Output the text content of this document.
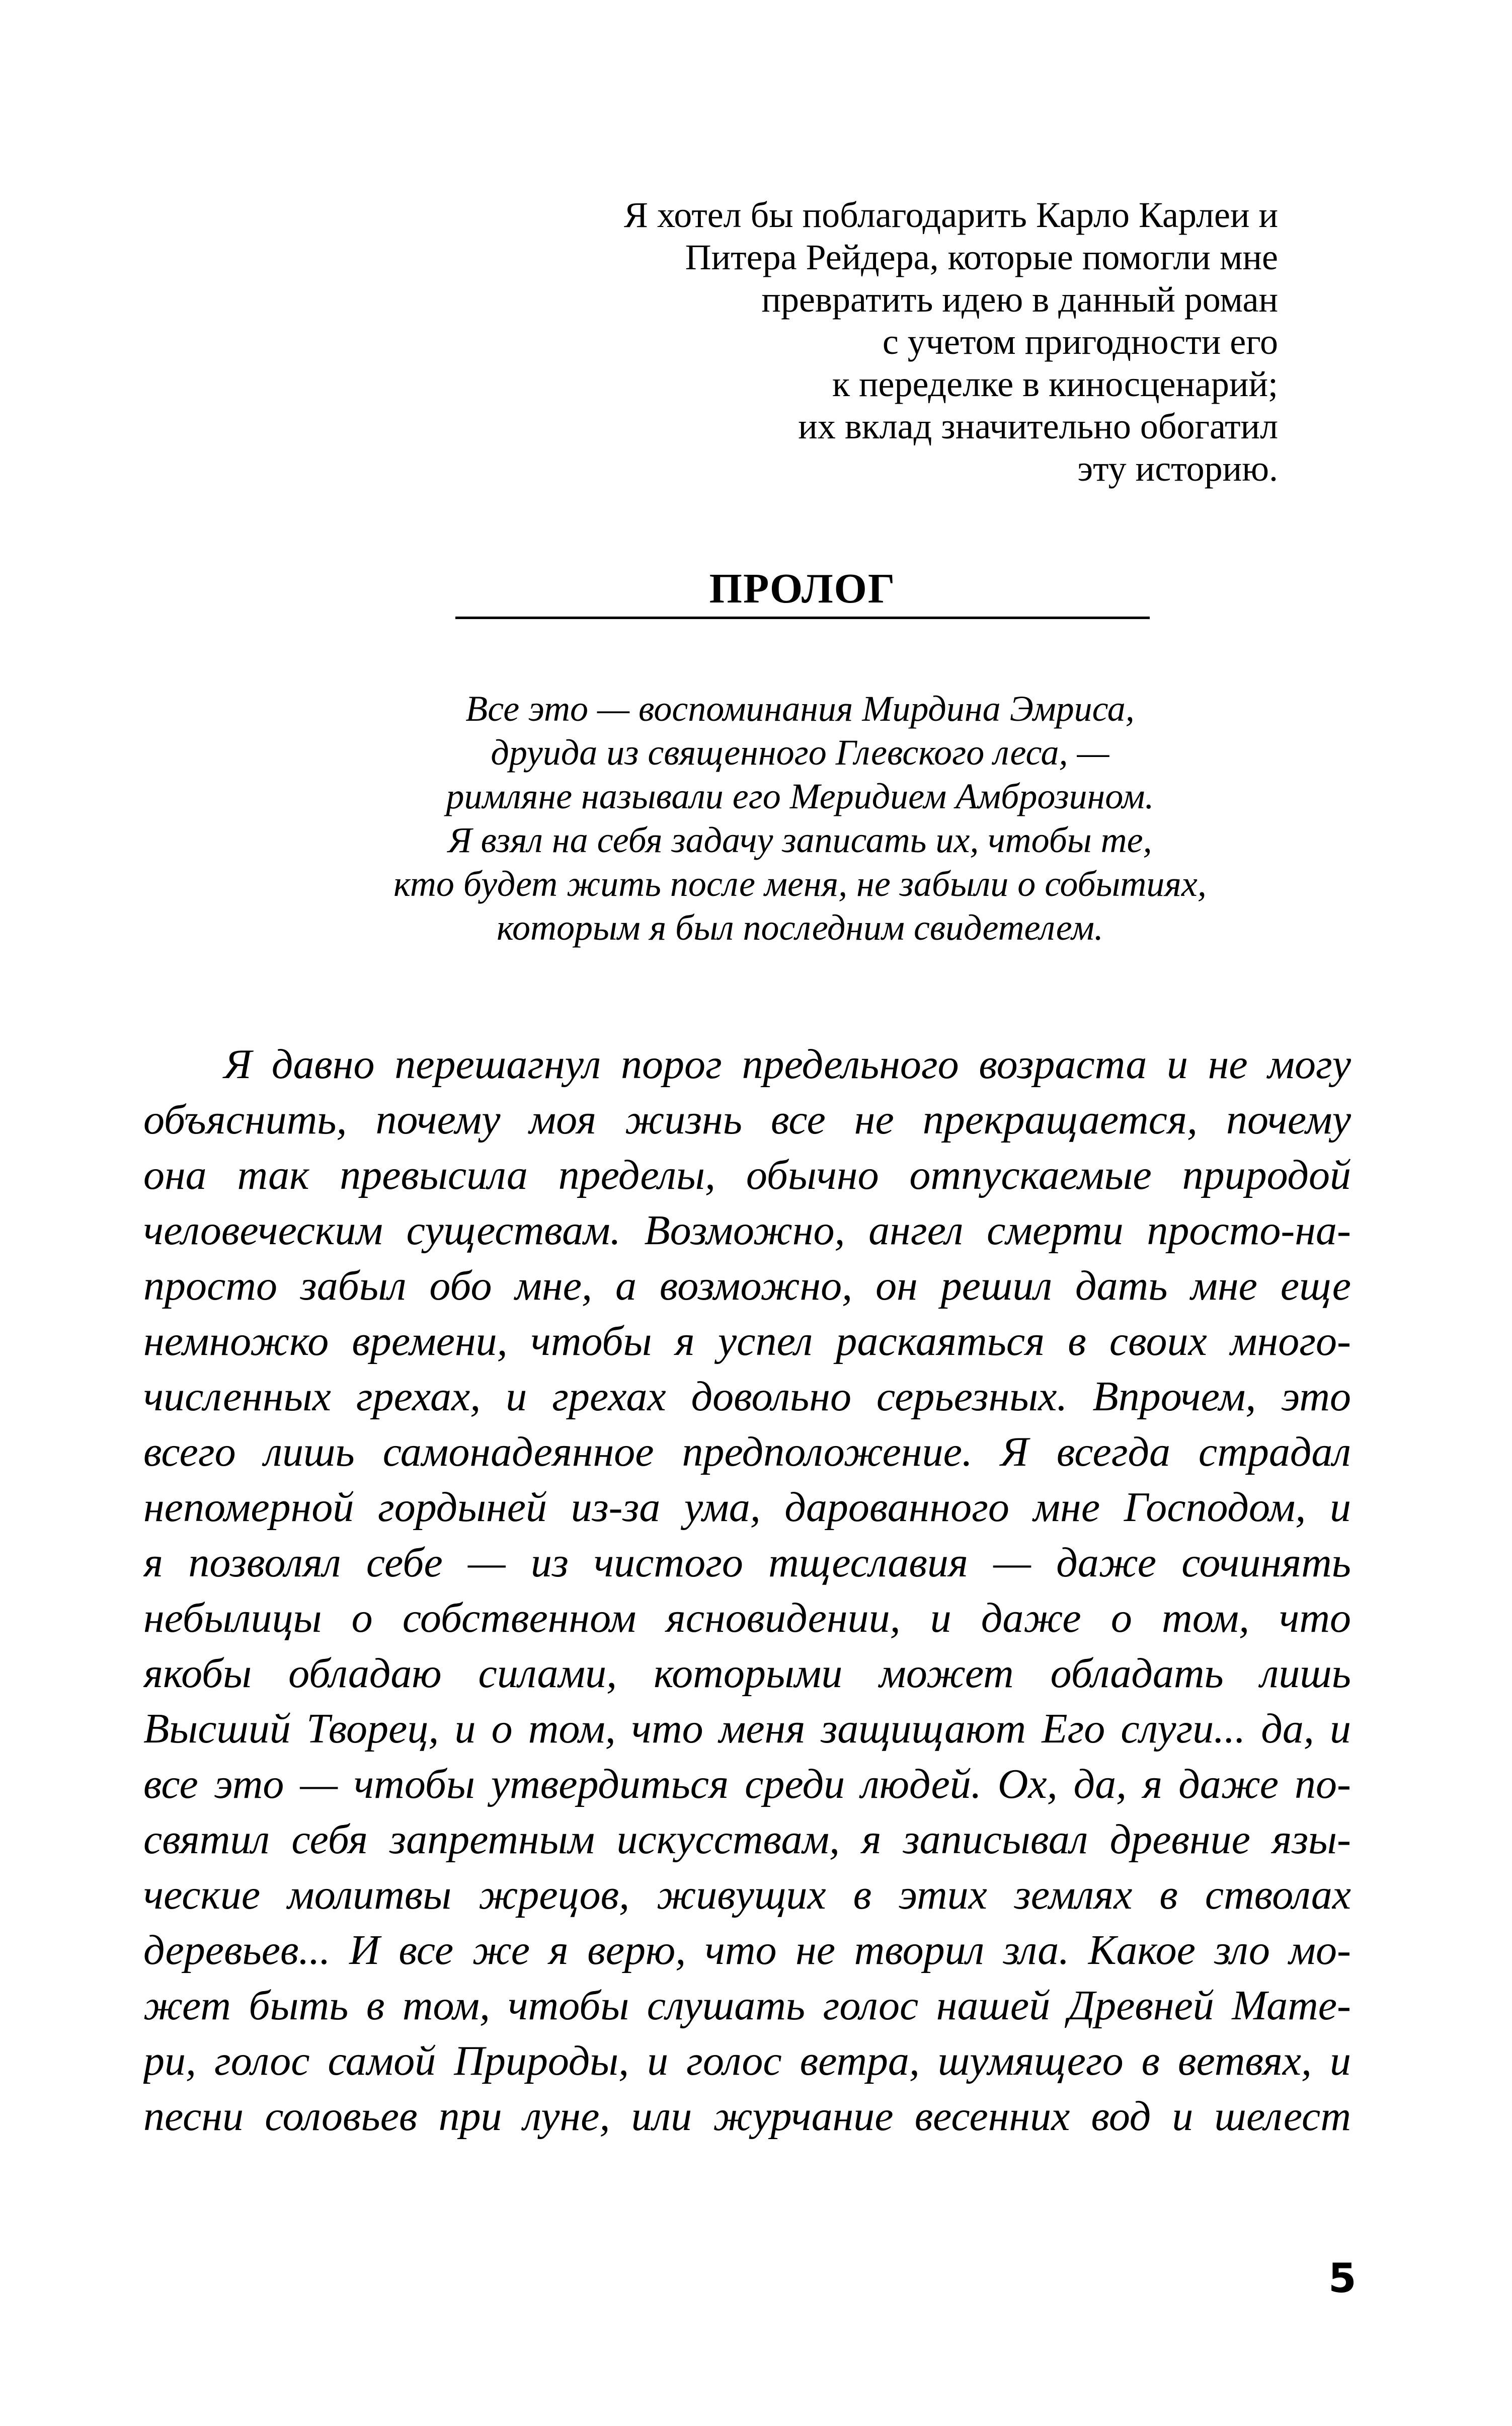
Я хотел бы поблагодарить Карло Карлеи и
Питера Рейдера, которые помогли мне
превратить идею в данный роман
с учетом пригодности его
к переделке в киносценарий;
их вклад значительно обогатил
эту историю.
ПРОЛОГ
Все это — воспоминания Мирдина Эмриса,
друида из священного Глевского леса, —
римляне называли его Меридием Амброзином.
Я взял на себя задачу записать их, чтобы те,
кто будет жить после меня, не забыли о событиях,
которым я был последним свидетелем.
Я давно перешагнул порог предельного возраста и не могу
объяснить, почему моя жизнь все не прекращается, почему
она так превысила пределы, обычно отпускаемые природой
человеческим существам. Возможно, ангел смерти просто-на-
просто забыл обо мне, а возможно, он решил дать мне еще
немножко времени, чтобы я успел раскаяться в своих много-
численных грехах, и грехах довольно серьезных. Впрочем, это
всего лишь самонадеянное предположение. Я всегда страдал
непомерной гордыней из-за ума, дарованного мне Господом, и
я позволял себе — из чистого тщеславия — даже сочинять
небылицы о собственном ясновидении, и даже о том, что
якобы обладаю силами, которыми может обладать лишь
Высший Творец, и о том, что меня защищают Его слуги... да, и
все это — чтобы утвердиться среди людей. Ох, да, я даже по-
святил себя запретным искусствам, я записывал древние язы-
ческие молитвы жрецов, живущих в этих землях в стволах
деревьев... И все же я верю, что не творил зла. Какое зло мо-
жет быть в том, чтобы слушать голос нашей Древней Мате-
ри, голос самой Природы, и голос ветра, шумящего в ветвях, и
песни соловьев при луне, или журчание весенних вод и шелест
5
